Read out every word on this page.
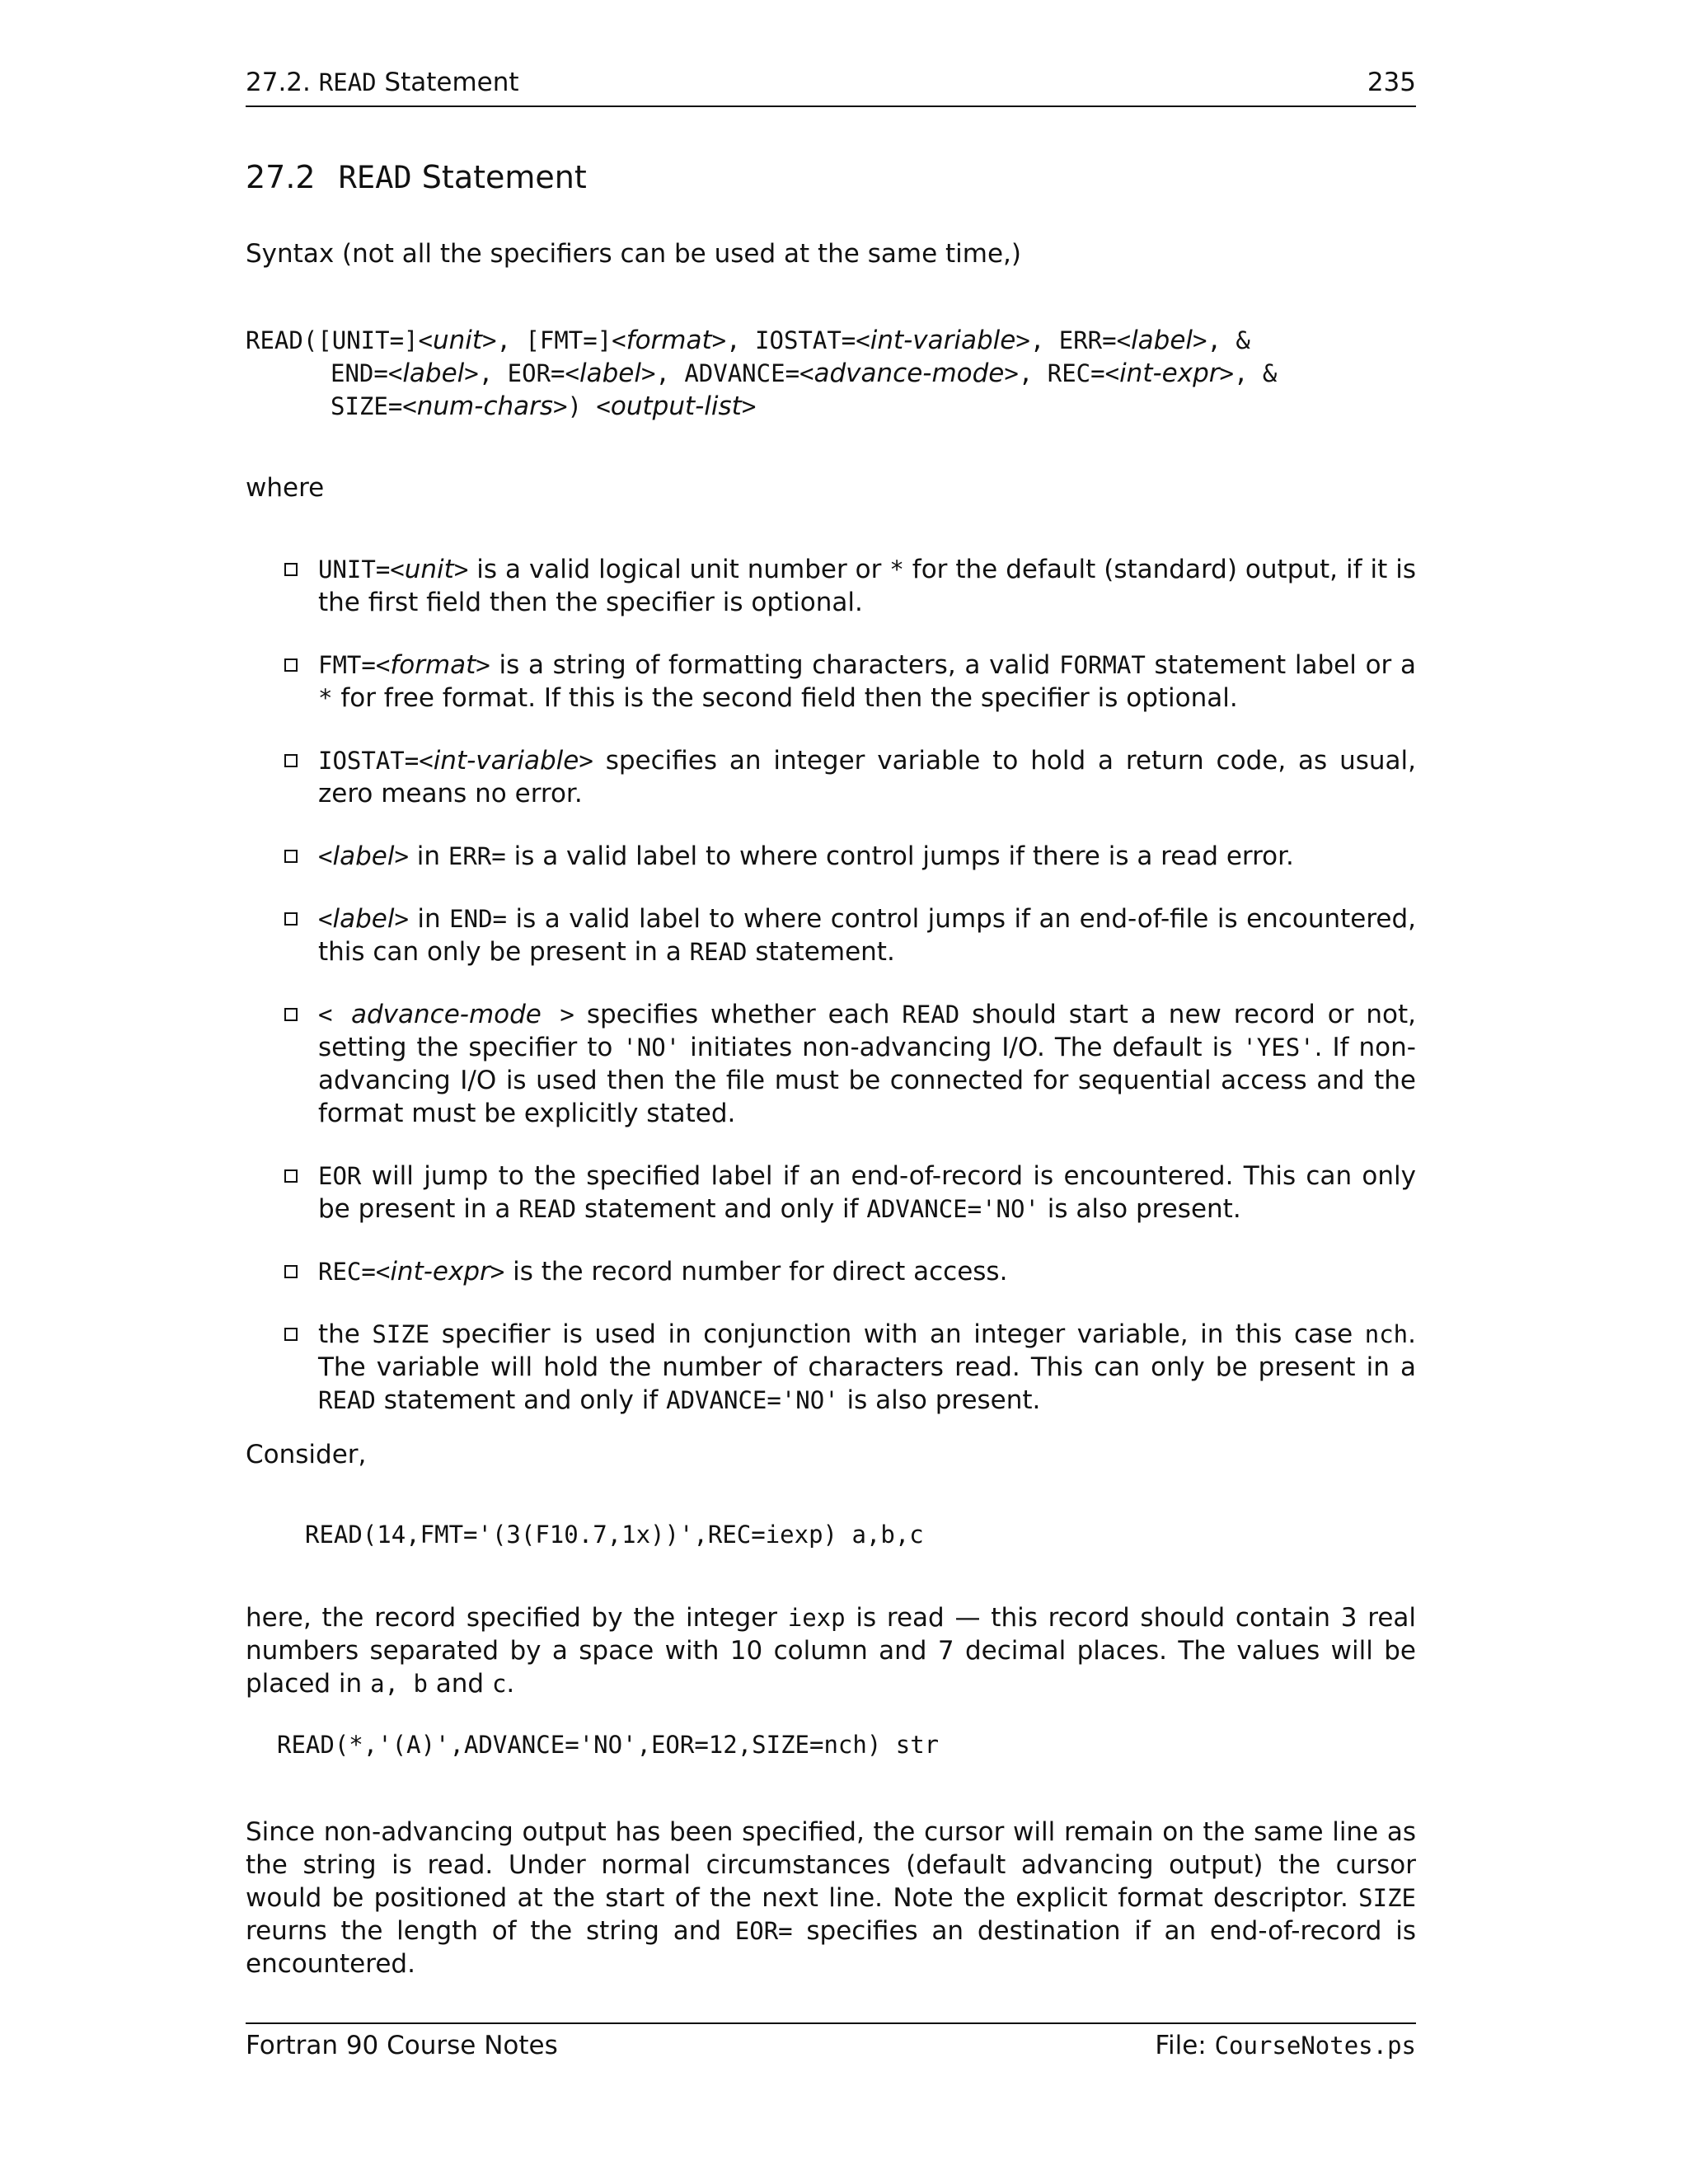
27.2. READ Statement	235
27.2 READ Statement
Syntax (not all the specifiers can be used at the same time,)
READ([UNIT=]<unit>, [FMT=]<format>, IOSTAT=<int-variable>, ERR=<label>, &
END=<label>, EOR=<label>, ADVANCE=<advance-mode>, REC=<int-expr>, &
SIZE=<num-chars>) <output-list>
where
UNIT=<unit> is a valid logical unit number or * for the default (standard) output, if it is the first field then the specifier is optional.
FMT=<format> is a string of formatting characters, a valid FORMAT statement label or a * for free format. If this is the second field then the specifier is optional.
IOSTAT=<int-variable> specifies an integer variable to hold a return code, as usual, zero means no error.
<label> in ERR= is a valid label to where control jumps if there is a read error.
<label> in END= is a valid label to where control jumps if an end-of-file is encountered, this can only be present in a READ statement.
< advance-mode > specifies whether each READ should start a new record or not, setting the specifier to 'NO' initiates non-advancing I/O. The default is 'YES'. If non-advancing I/O is used then the file must be connected for sequential access and the format must be explicitly stated.
EOR will jump to the specified label if an end-of-record is encountered. This can only be present in a READ statement and only if ADVANCE='NO' is also present.
REC=<int-expr> is the record number for direct access.
the SIZE specifier is used in conjunction with an integer variable, in this case nch. The variable will hold the number of characters read. This can only be present in a READ statement and only if ADVANCE='NO' is also present.
Consider,
READ(14,FMT='(3(F10.7,1x))',REC=iexp) a,b,c
here, the record specified by the integer iexp is read — this record should contain 3 real numbers separated by a space with 10 column and 7 decimal places. The values will be placed in a, b and c.
READ(*,'(A)',ADVANCE='NO',EOR=12,SIZE=nch) str
Since non-advancing output has been specified, the cursor will remain on the same line as the string is read. Under normal circumstances (default advancing output) the cursor would be positioned at the start of the next line. Note the explicit format descriptor. SIZE reurns the length of the string and EOR= specifies an destination if an end-of-record is encountered.
Fortran 90 Course Notes	File: CourseNotes.ps
